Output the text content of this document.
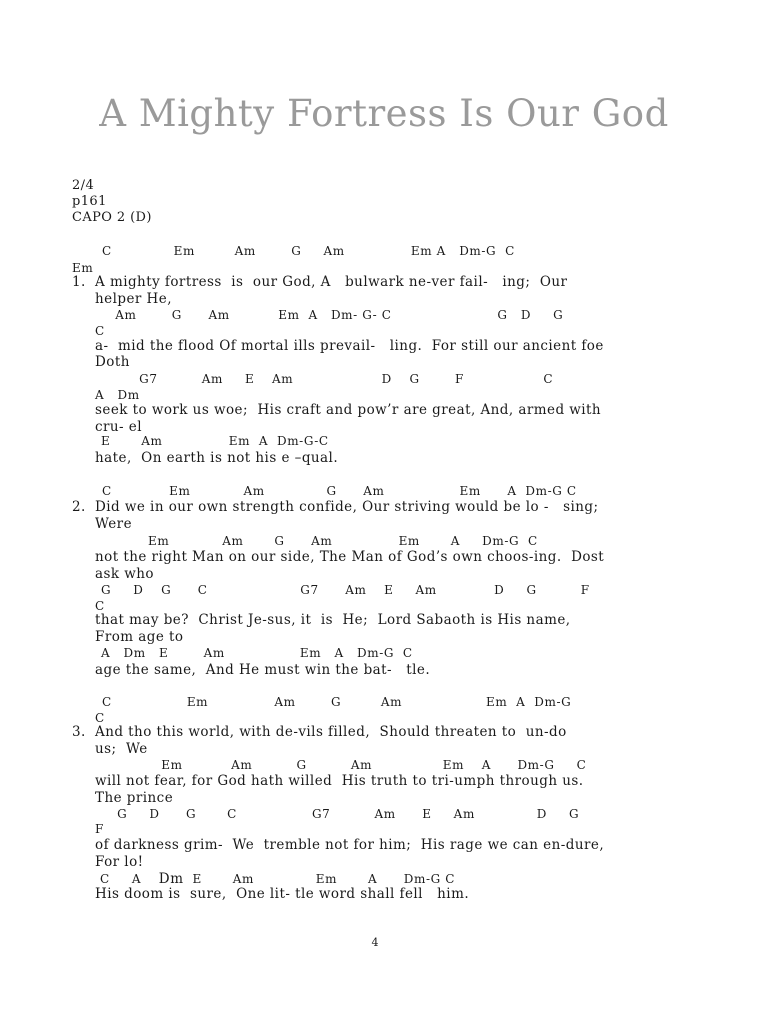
A Mighty Fortress Is Our God
2/4
p161
CAPO 2 (D)
C              Em         Am        G     Am               Em A   Dm-G  C
Em
1. A mighty fortress  is  our God, A   bulwark ne-ver fail-   ing;  Our
helper He,
Am        G      Am           Em  A   Dm- G- C                        G   D     G
C
a-  mid the flood Of mortal ills prevail-   ling.  For still our ancient foe
Doth
G7          Am     E    Am                    D    G        F                  C
A   Dm
seek to work us woe;  His craft and pow’r are great, And, armed with
cru- el
E       Am               Em  A  Dm-G-C
hate,  On earth is not his e –qual.
C             Em            Am              G      Am                 Em      A  Dm-G C
2. Did we in our own strength confide, Our striving would be lo -   sing;
Were
Em            Am       G      Am               Em       A     Dm-G  C
not the right Man on our side, The Man of God’s own choos-ing.  Dost
ask who
G     D    G      C                     G7      Am    E     Am             D     G          F
C
that may be?  Christ Je-sus, it  is  He;  Lord Sabaoth is His name,
From age to
A   Dm   E        Am                 Em   A   Dm-G  C
age the same,  And He must win the bat-   tle.
C                 Em               Am        G         Am                   Em  A  Dm-G
C
3. And tho this world, with de-vils filled,  Should threaten to  un-do
us;  We
Em           Am          G          Am                Em    A      Dm-G     C
will not fear, for God hath willed  His truth to tri-umph through us.
The prince
G     D      G       C                 G7          Am      E     Am              D     G
F
of darkness grim-  We  tremble not for him;  His rage we can en-dure,
For lo!
C     A    Dm  E       Am              Em       A      Dm-G C
His doom is  sure,  One lit- tle word shall fell   him.
4
